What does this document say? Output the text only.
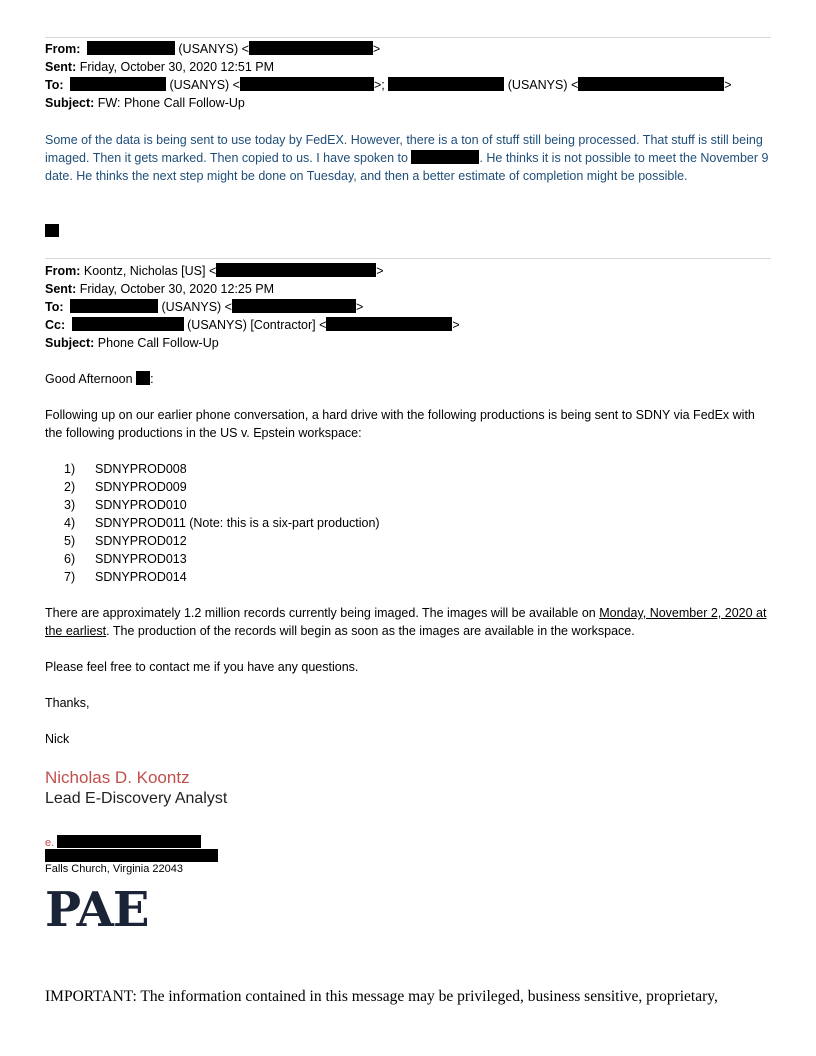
From:	(USANYS) <	>
Sent: Friday, October 30, 2020 12:51 PM
To:	(USANYS) <	>;	(USANYS) <	>
Subject: FW: Phone Call Follow-Up
Some of the data is being sent to use today by FedEX. However, there is a ton of stuff still being processed. That stuff is still being imaged. Then it gets marked. Then copied to us. I have spoken to	. He thinks it is not possible to meet the November 9 date. He thinks the next step might be done on Tuesday, and then a better estimate of completion might be possible.
From: Koontz, Nicholas [US] <	>
Sent: Friday, October 30, 2020 12:25 PM
To:	(USANYS) <	>
Cc:	(USANYS) [Contractor] <	>
Subject: Phone Call Follow-Up
Good Afternoon :
Following up on our earlier phone conversation, a hard drive with the following productions is being sent to SDNY via FedEx with the following productions in the US v. Epstein workspace:
1) SDNYPROD008
2) SDNYPROD009
3) SDNYPROD010
4) SDNYPROD011 (Note: this is a six-part production)
5) SDNYPROD012
6) SDNYPROD013
7) SDNYPROD014
There are approximately 1.2 million records currently being imaged. The images will be available on Monday, November 2, 2020 at the earliest. The production of the records will begin as soon as the images are available in the workspace.
Please feel free to contact me if you have any questions.
Thanks,
Nick
Nicholas D. Koontz
Lead E-Discovery Analyst
e.
Falls Church, Virginia 22043
PAE
IMPORTANT: The information contained in this message may be privileged, business sensitive, proprietary,
